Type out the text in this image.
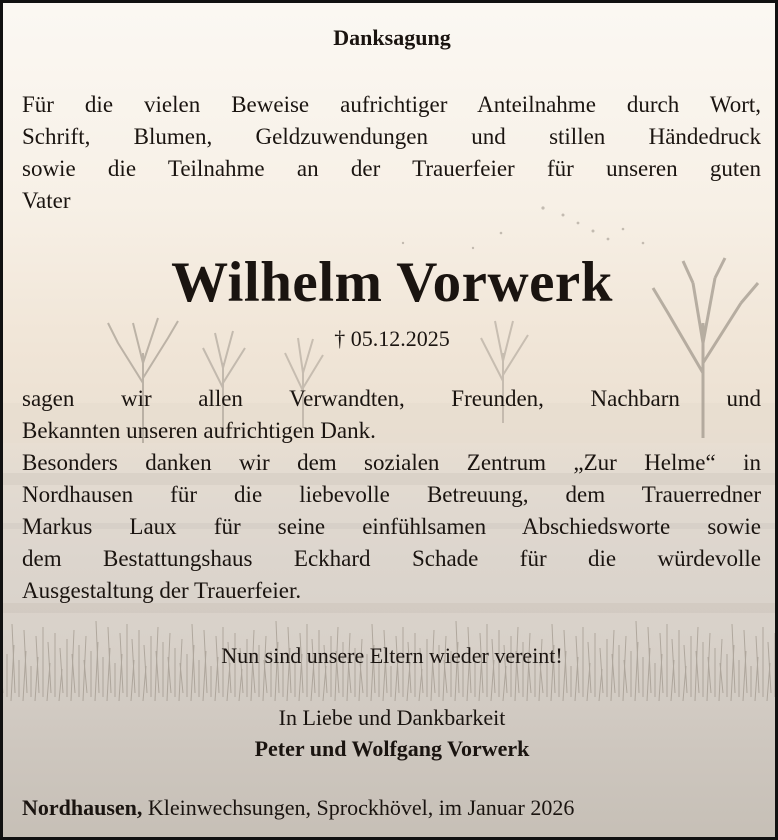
Danksagung
Für die vielen Beweise aufrichtiger Anteilnahme durch Wort,
Schrift, Blumen, Geldzuwendungen und stillen Händedruck
sowie die Teilnahme an der Trauerfeier für unseren guten
Vater
Wilhelm Vorwerk
† 05.12.2025
sagen wir allen Verwandten, Freunden, Nachbarn und
Bekannten unseren aufrichtigen Dank.
Besonders danken wir dem sozialen Zentrum „Zur Helme“ in
Nordhausen für die liebevolle Betreuung, dem Trauerredner
Markus Laux für seine einfühlsamen Abschiedsworte sowie
dem Bestattungshaus Eckhard Schade für die würdevolle
Ausgestaltung der Trauerfeier.
Nun sind unsere Eltern wieder vereint!
In Liebe und Dankbarkeit
Peter und Wolfgang Vorwerk
Nordhausen, Kleinwechsungen, Sprockhövel, im Januar 2026
